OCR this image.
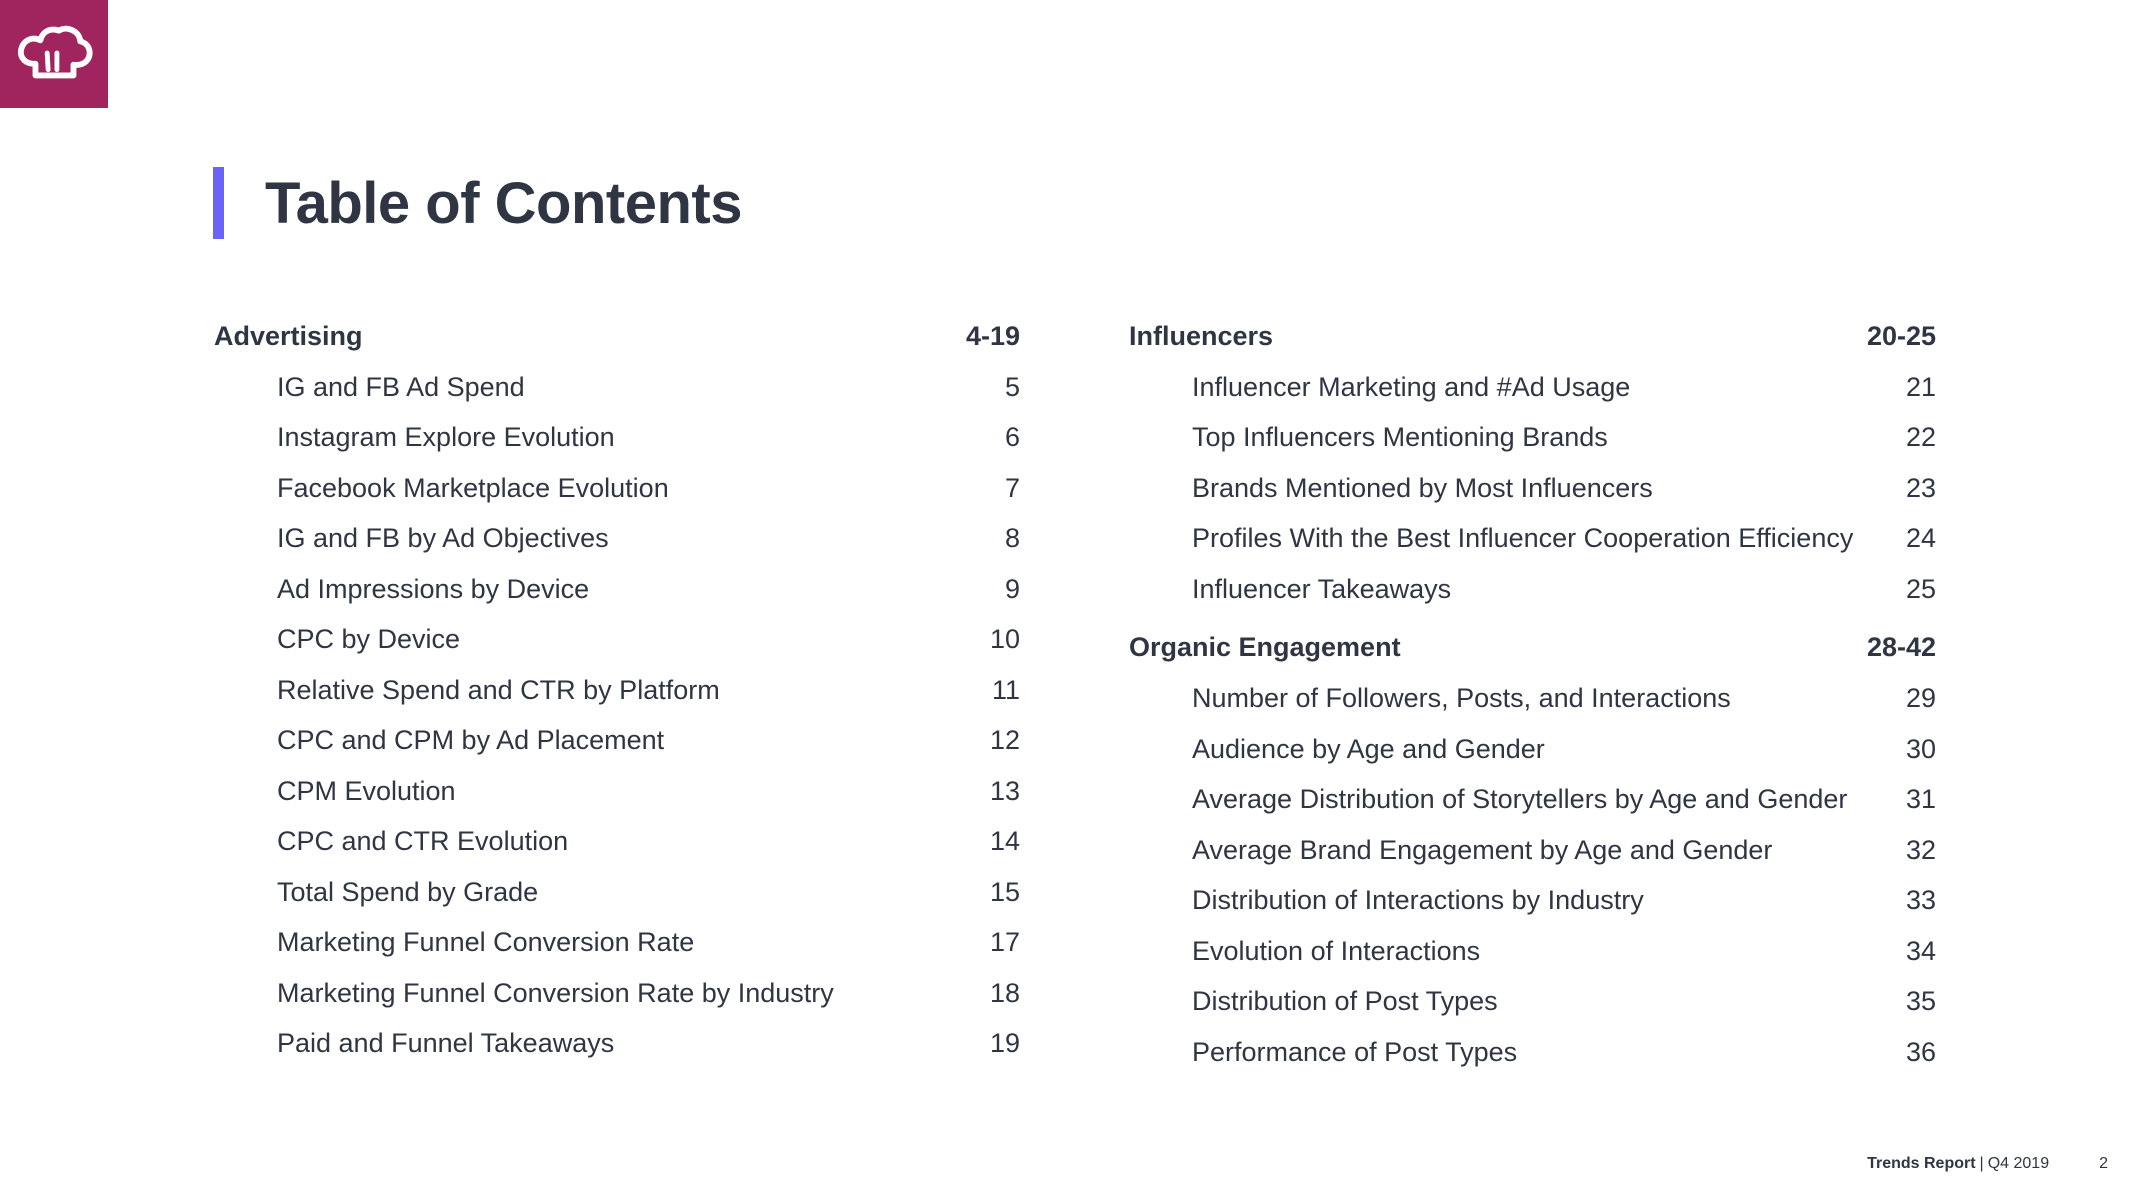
Table of Contents
Advertising	4-19
IG and FB Ad Spend	5
Instagram Explore Evolution	6
Facebook Marketplace Evolution	7
IG and FB by Ad Objectives	8
Ad Impressions by Device	9
CPC by Device	10
Relative Spend and CTR by Platform	11
CPC and CPM by Ad Placement	12
CPM Evolution	13
CPC and CTR Evolution	14
Total Spend by Grade	15
Marketing Funnel Conversion Rate	17
Marketing Funnel Conversion Rate by Industry	18
Paid and Funnel Takeaways	19
Influencers	20-25
Influencer Marketing and #Ad Usage	21
Top Influencers Mentioning Brands	22
Brands Mentioned by Most Influencers	23
Profiles With the Best Influencer Cooperation Efficiency	24
Influencer Takeaways	25
Organic Engagement	28-42
Number of Followers, Posts, and Interactions	29
Audience by Age and Gender	30
Average Distribution of Storytellers by Age and Gender	31
Average Brand Engagement by Age and Gender	32
Distribution of Interactions by Industry	33
Evolution of Interactions	34
Distribution of Post Types	35
Performance of Post Types	36
Trends Report | Q4 2019	2
